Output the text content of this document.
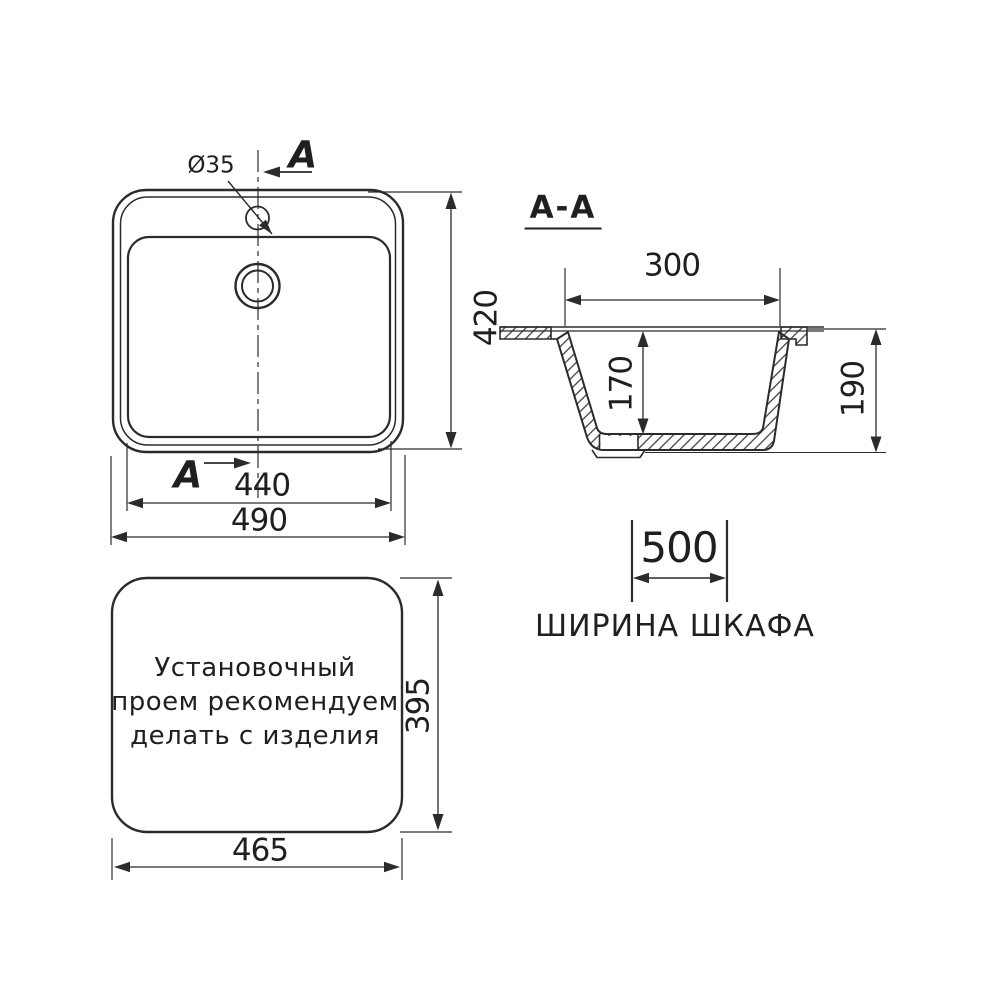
Ø35 A
A 440
490
420
A-A
300
170	190
500
ШИРИНА ШКАФА
Установочный
проем рекомендуем
делать с изделия
395
465
